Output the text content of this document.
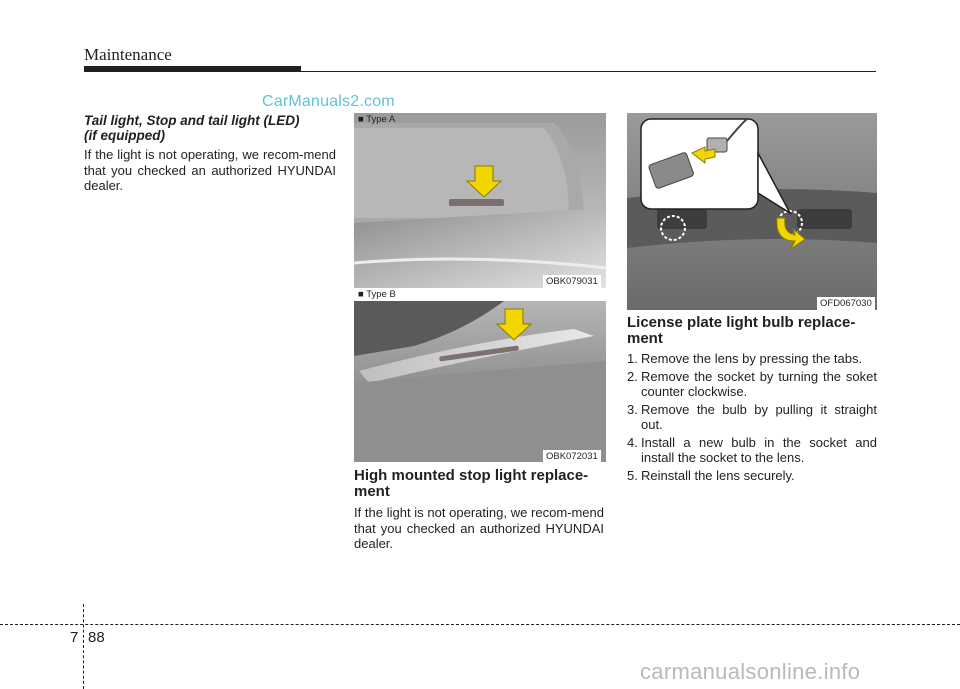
Maintenance
CarManuals2.com
Tail light, Stop and tail light (LED)
(if equipped)
If the light is not operating, we recom-mend that you checked an authorized HYUNDAI dealer.
■ Type A
OBK079031
■ Type B
OBK072031
OFD067030
High mounted stop light replace-ment
If the light is not operating, we recom-mend that you checked an authorized HYUNDAI dealer.
License plate light bulb replace-ment
1. Remove the lens by pressing the tabs.
2. Remove the socket by turning the soket counter clockwise.
3. Remove the bulb by pulling it straight out.
4. Install a new bulb in the socket and install the socket to the lens.
5. Reinstall the lens securely.
7 88
carmanualsonline.info
